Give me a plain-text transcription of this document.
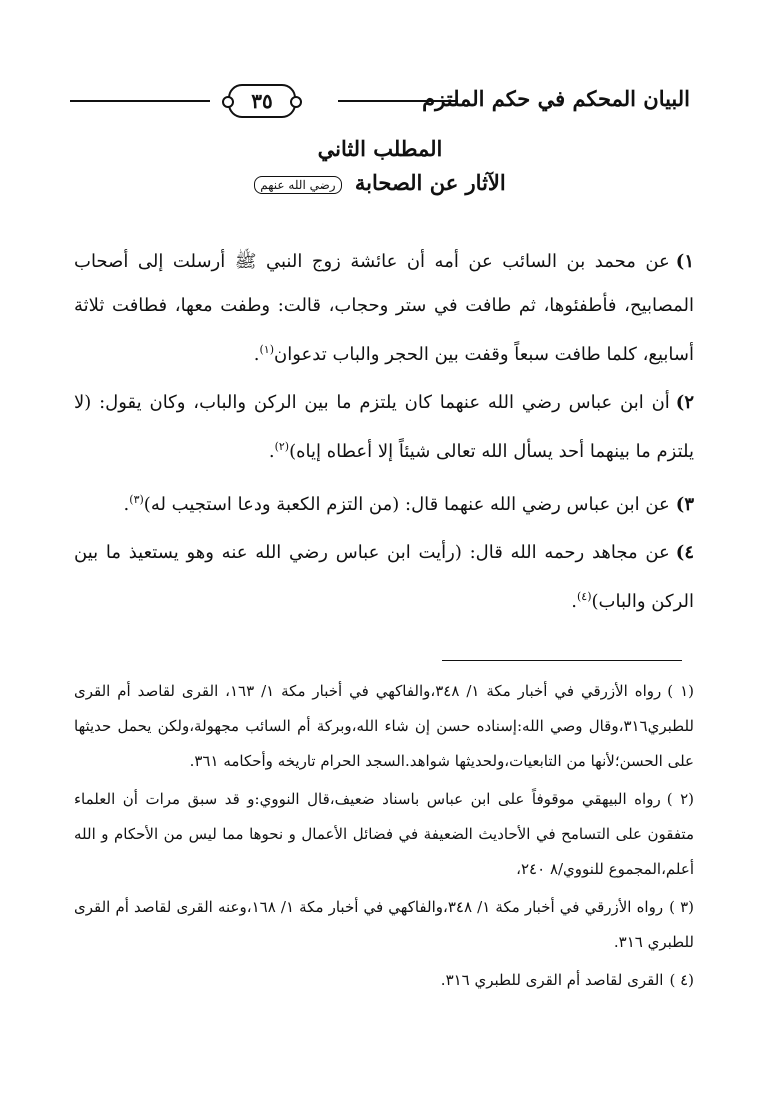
البيان المحكم في حكم الملتزم
٣٥
المطلب الثاني
الآثار عن الصحابة رضي الله عنهم

١)عن محمد بن السائب عن أمه أن عائشة زوج النبي ﷺ أرسلت إلى أصحاب المصابيح، فأطفئوها، ثم طافت في ستر وحجاب، قالت: وطفت معها، فطافت ثلاثة أسابيع، كلما طافت سبعاً وقفت بين الحجر والباب تدعوان$^{(١)}$.

٢)أن ابن عباس رضي الله عنهما كان يلتزم ما بين الركن والباب، وكان يقول: (لا يلتزم ما بينهما أحد يسأل الله تعالى شيئاً إلا أعطاه إياه)$^{(٢)}$.

٣)عن ابن عباس رضي الله عنهما قال: (من التزم الكعبة ودعا استجيب له)$^{(٣)}$.

٤)عن مجاهد رحمه الله قال: (رأيت ابن عباس رضي الله عنه وهو يستعيذ ما بين الركن والباب)$^{(٤)}$.

(١ )رواه الأزرقي في أخبار مكة ١/ ٣٤٨،والفاكهي في أخبار مكة ١/ ١٦٣، القرى لقاصد أم القرى للطبري٣١٦،وقال وصي الله:إسناده حسن إن شاء الله،وبركة أم السائب مجهولة،ولكن يحمل حديثها على الحسن؛لأنها من التابعيات،ولحديثها شواهد.السجد الحرام تاريخه وأحكامه ٣٦١.

(٢ )رواه البيهقي موقوفاً على ابن عباس باسناد ضعيف،قال النووي:و قد سبق مرات أن العلماء متفقون على التسامح في الأحاديث الضعيفة في فضائل الأعمال و نحوها مما ليس من الأحكام و الله أعلم،المجموع للنووي/٨ ٢٤٠،

(٣ )رواه الأزرقي في أخبار مكة ١/ ٣٤٨،والفاكهي في أخبار مكة ١/ ١٦٨،وعنه القرى لقاصد أم القرى للطبري ٣١٦.

(٤ )القرى لقاصد أم القرى للطبري ٣١٦.
